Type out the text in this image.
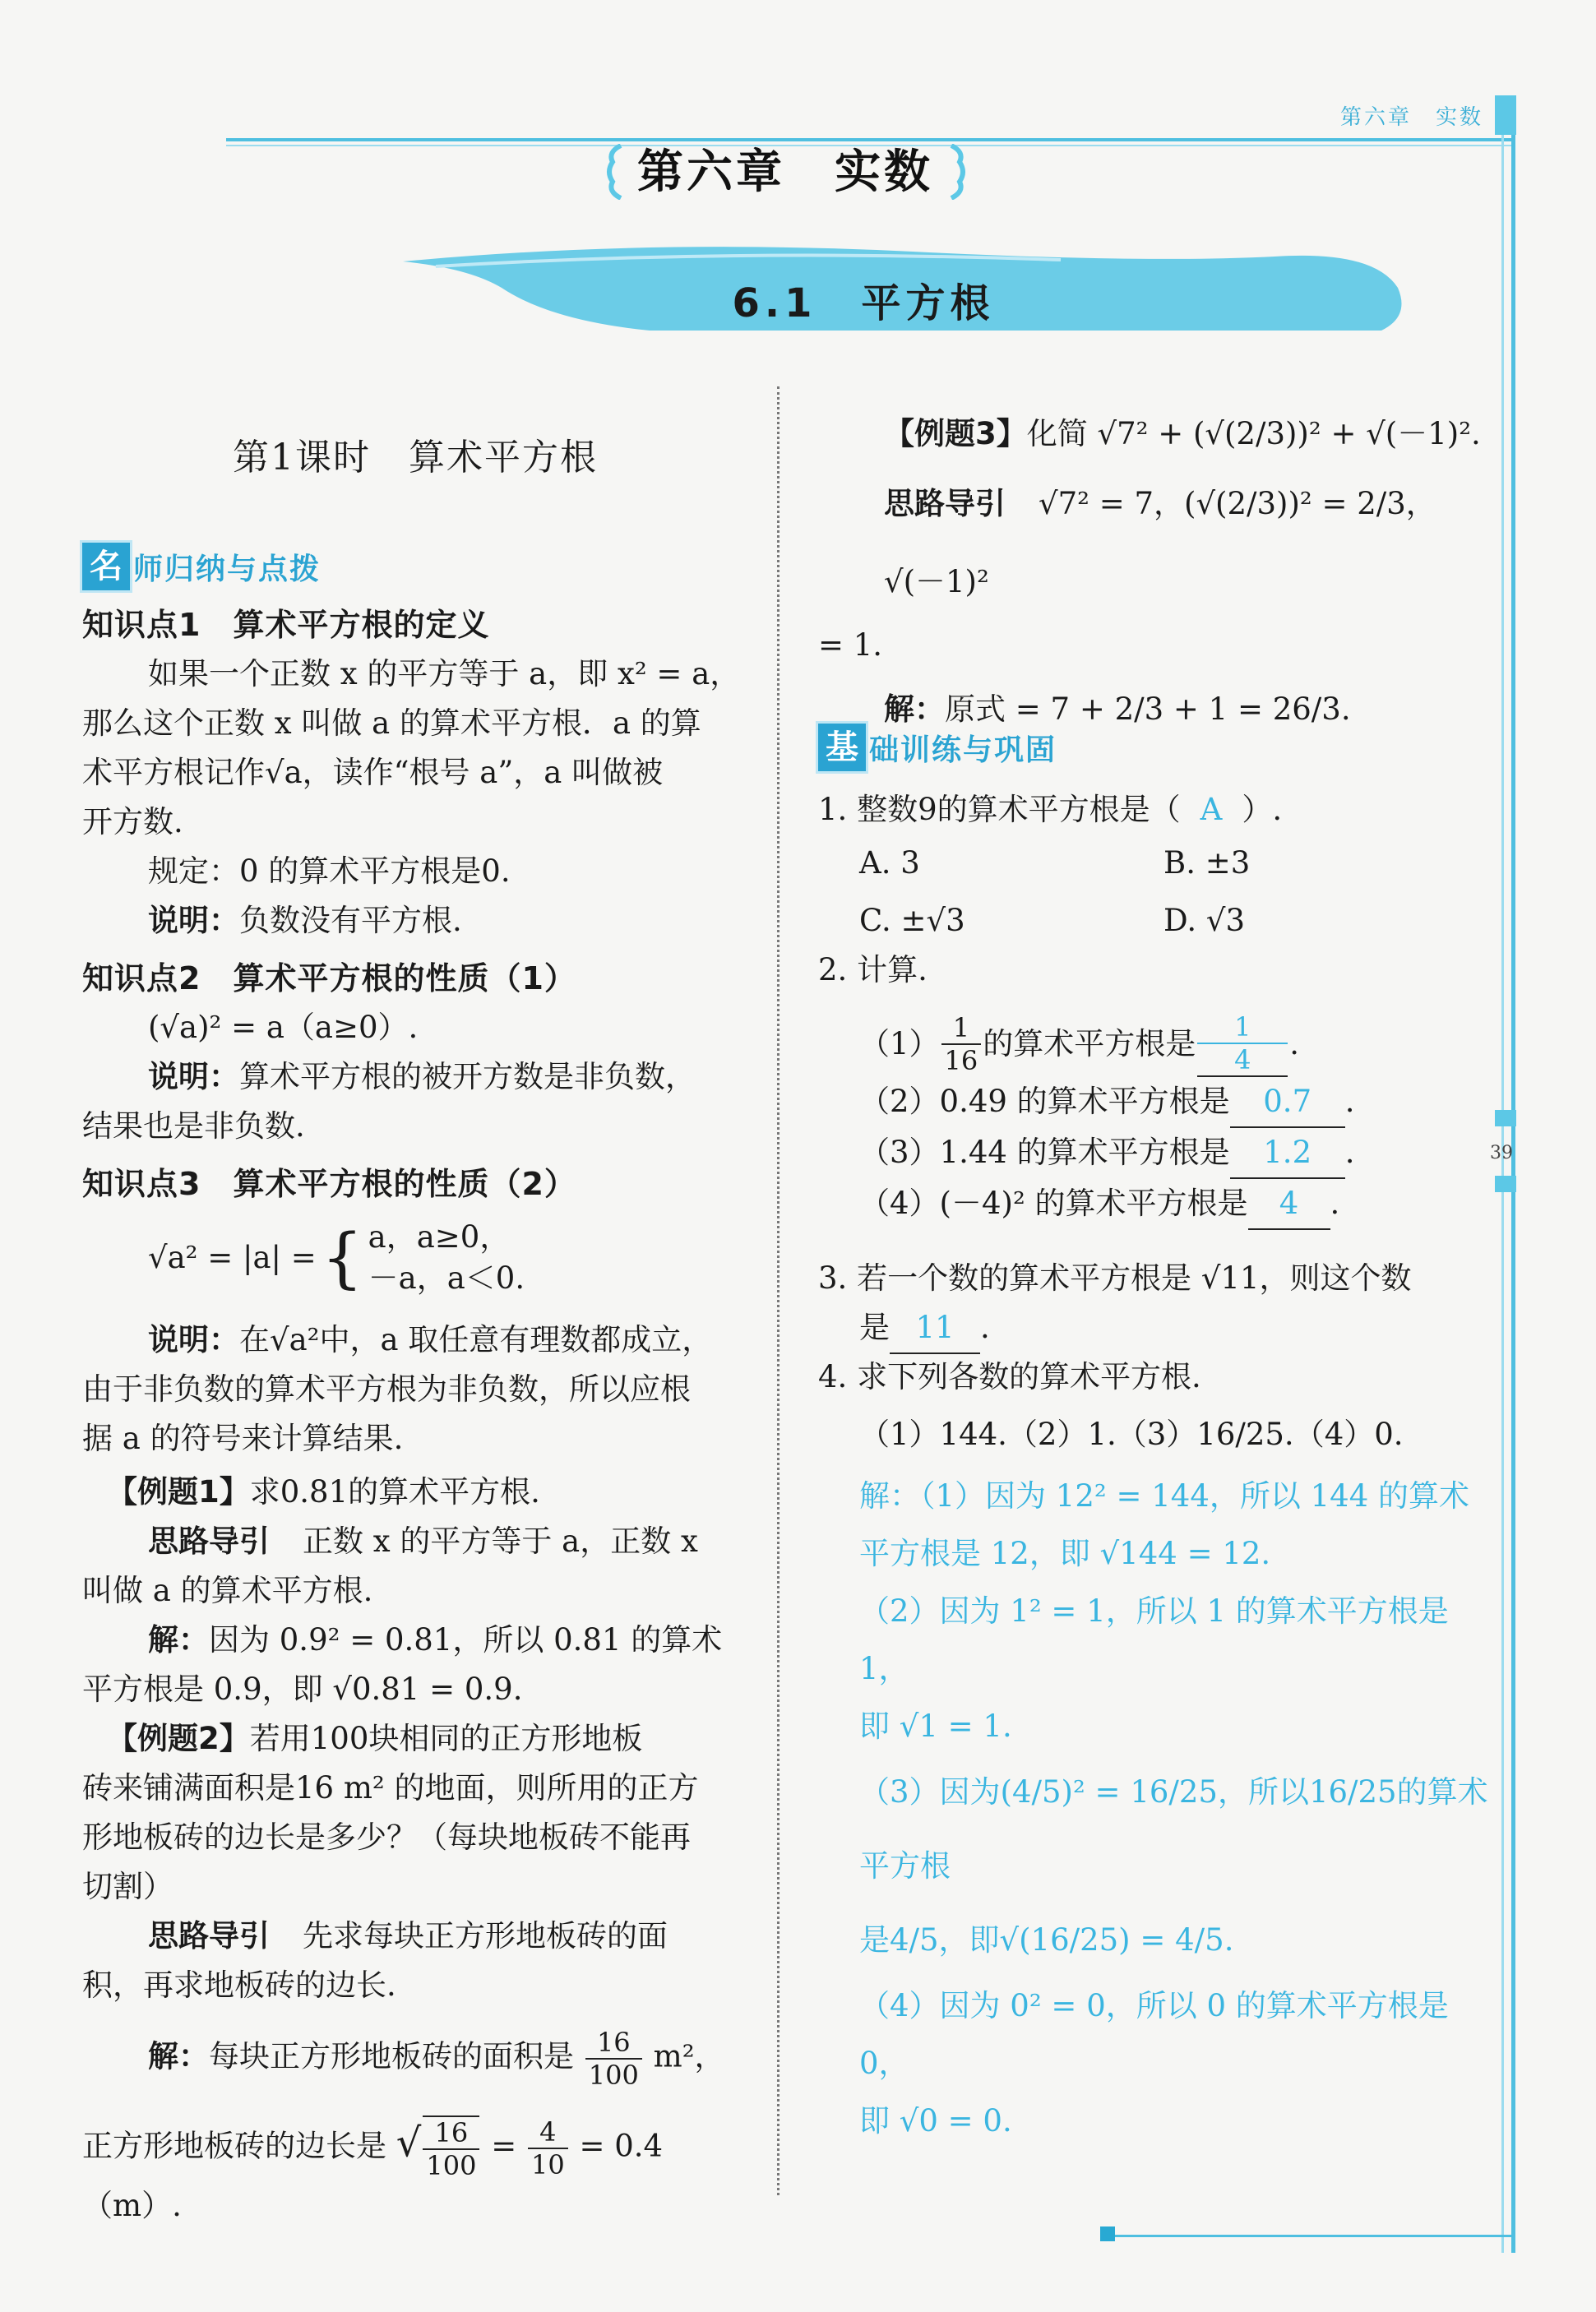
第六章　实数
39
第六章　实数
6.1　平方根
第1课时　算术平方根
名 师归纳与点拨
知识点1　算术平方根的定义
如果一个正数 x 的平方等于 a，即 x² = a，
那么这个正数 x 叫做 a 的算术平方根．a 的算
术平方根记作√a，读作“根号 a”，a 叫做被
开方数.
规定：0 的算术平方根是0.
说明：负数没有平方根.
知识点2　算术平方根的性质（1）
(√a)² = a（a≥0）.
说明：算术平方根的被开方数是非负数，
结果也是非负数.
知识点3　算术平方根的性质（2）
√a² = |a| = { a，a≥0，
－a，a＜0.
说明：在√a²中，a 取任意有理数都成立，
由于非负数的算术平方根为非负数，所以应根
据 a 的符号来计算结果.
【例题1】求0.81的算术平方根.
思路导引 正数 x 的平方等于 a，正数 x
叫做 a 的算术平方根.
解：因为 0.9² = 0.81，所以 0.81 的算术
平方根是 0.9，即 √0.81 = 0.9.
【例题2】若用100块相同的正方形地板
砖来铺满面积是16 m² 的地面，则所用的正方
形地板砖的边长是多少？（每块地板砖不能再
切割）
思路导引 先求每块正方形地板砖的面
积，再求地板砖的边长.
解：每块正方形地板砖的面积是 $\frac{16}{100} m^2$，
正方形地板砖的边长是 √ $\frac{16}{100} = \frac{4}{10} = 0.4(m)$.
【例题3】化简 √7² + (√(2/3))² + √(－1)².
思路导引 √7² = 7，(√(2/3))² = 2/3，√(－1)²
= 1.
解：原式 = 7 + 2/3 + 1 = 26/3.
基 础训练与巩固
1. 整数9的算术平方根是（ A ）.
A. 3	B. ±3
C. ±√3	D. √3
2. 计算.
$(1) \frac{1}{16}$ 的算术平方根是 $\frac{1}{4}$ .
（2）0.49 的算术平方根是 0.7 .
（3）1.44 的算术平方根是 1.2 .
（4）(－4)² 的算术平方根是 4 .
3. 若一个数的算术平方根是 √11，则这个数
是 11 .
4. 求下列各数的算术平方根.
（1）144.（2）1.（3）16/25.（4）0.
解：（1）因为 12² = 144，所以 144 的算术
平方根是 12，即 √144 = 12.
（2）因为 1² = 1，所以 1 的算术平方根是 1，
即 √1 = 1.
（3）因为(4/5)² = 16/25，所以16/25的算术平方根
是4/5，即√(16/25) = 4/5.
（4）因为 0² = 0，所以 0 的算术平方根是 0，
即 √0 = 0.
